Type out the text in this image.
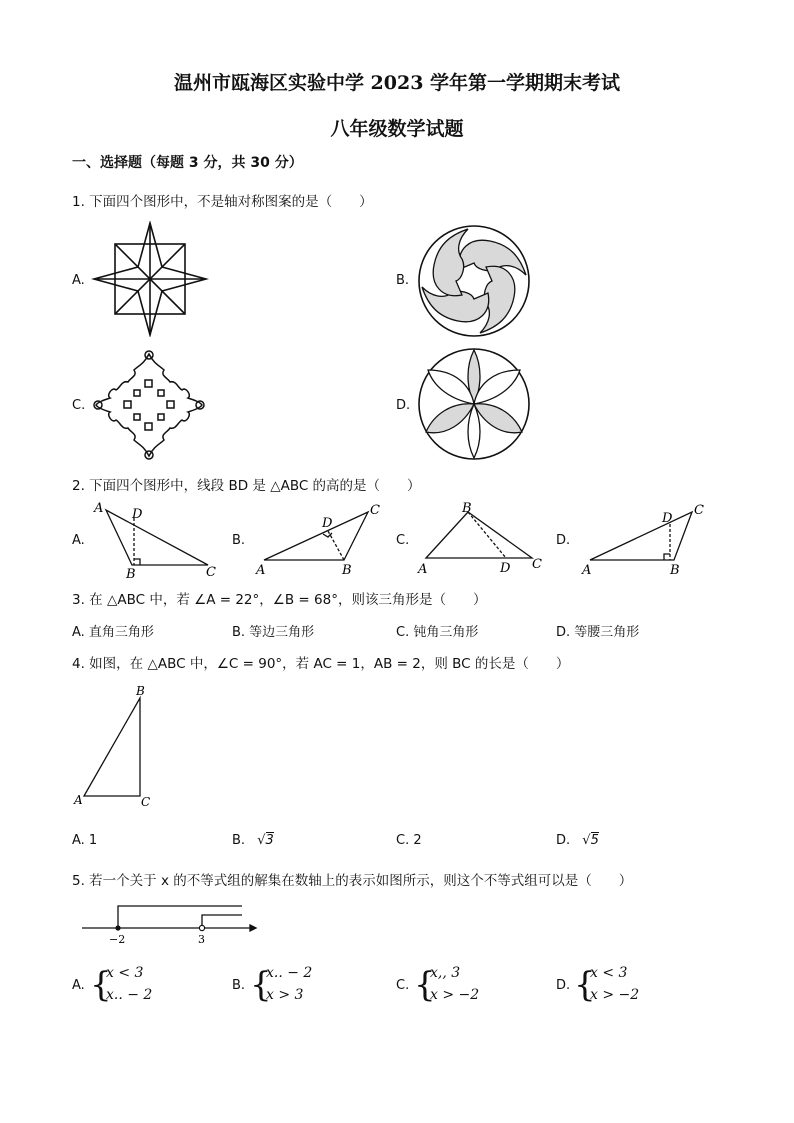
温州市瓯海区实验中学 2023 学年第一学期期末考试
八年级数学试题
一、选择题（每题 3 分，共 30 分）
1. 下面四个图形中，不是轴对称图案的是（　　）
A.	B.
C.	D.
2. 下面四个图形中，线段 BD 是 △ABC 的高的是（　　）
A.
A D
B	C
B.
A
D
B
C
C.
A
B
D C
D.
A
D
B
C
3. 在 △ABC 中，若 ∠A = 22°，∠B = 68°，则该三角形是（　　）
A. 直角三角形	B. 等边三角形	C. 钝角三角形	D. 等腰三角形
4. 如图，在 △ABC 中，∠C = 90°，若 AC = 1，AB = 2，则 BC 的长是（　　）
B
A	C
A. 1	B. √3	C. 2	D. √5
5. 若一个关于 x 的不等式组的解集在数轴上的表示如图所示，则这个不等式组可以是（　　）
−2	3
A. {
x < 3
x.. − 2
B. {
x.. − 2
x > 3
C. {
x,, 3
x > −2
D. {
x < 3
x > −2
